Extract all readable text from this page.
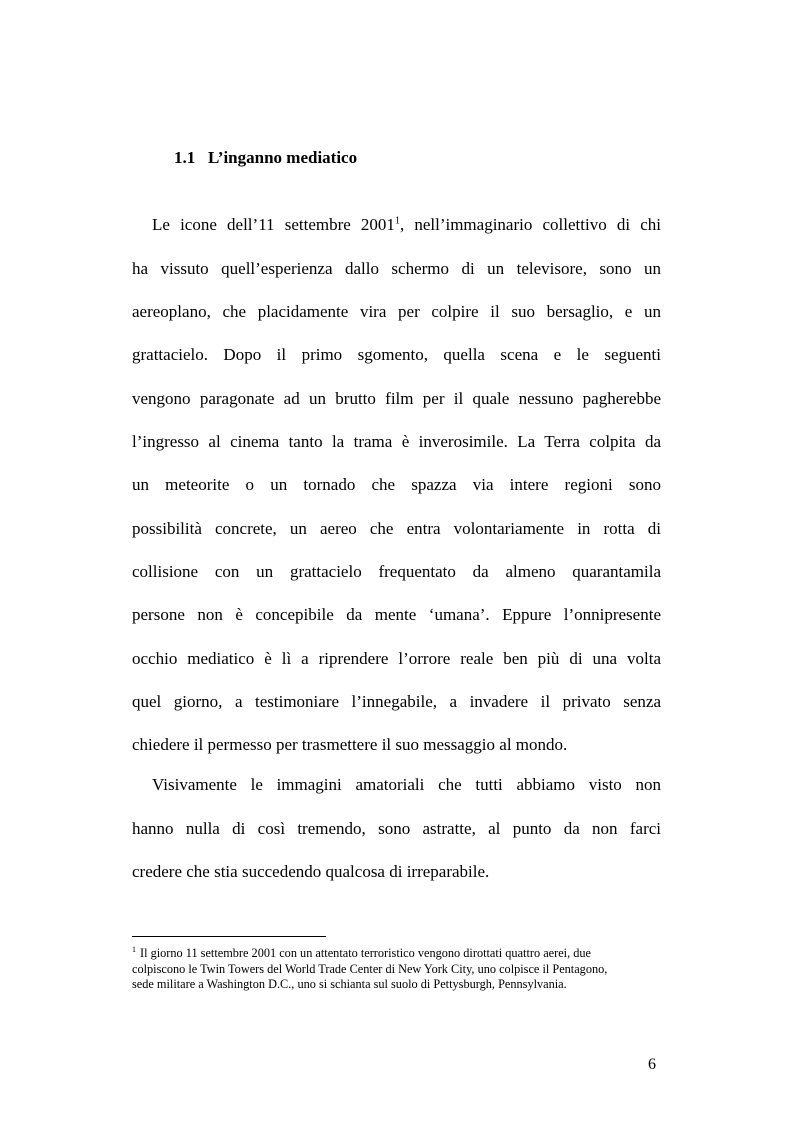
1.1 L’inganno mediatico
Le icone dell’11 settembre 2001$^1$, nell’immaginario collettivo di chi
ha vissuto quell’esperienza dallo schermo di un televisore, sono un
aereoplano, che placidamente vira per colpire il suo bersaglio, e un
grattacielo. Dopo il primo sgomento, quella scena e le seguenti
vengono paragonate ad un brutto film per il quale nessuno pagherebbe
l’ingresso al cinema tanto la trama è inverosimile. La Terra colpita da
un meteorite o un tornado che spazza via intere regioni sono
possibilità concrete, un aereo che entra volontariamente in rotta di
collisione con un grattacielo frequentato da almeno quarantamila
persone non è concepibile da mente ‘umana’. Eppure l’onnipresente
occhio mediatico è lì a riprendere l’orrore reale ben più di una volta
quel giorno, a testimoniare l’innegabile, a invadere il privato senza
chiedere il permesso per trasmettere il suo messaggio al mondo.
Visivamente le immagini amatoriali che tutti abbiamo visto non
hanno nulla di così tremendo, sono astratte, al punto da non farci
credere che stia succedendo qualcosa di irreparabile.
$^1$ Il giorno 11 settembre 2001 con un attentato terroristico vengono dirottati quattro aerei, due
colpiscono le Twin Towers del World Trade Center di New York City, uno colpisce il Pentagono,
sede militare a Washington D.C., uno si schianta sul suolo di Pettysburgh, Pennsylvania.
6
